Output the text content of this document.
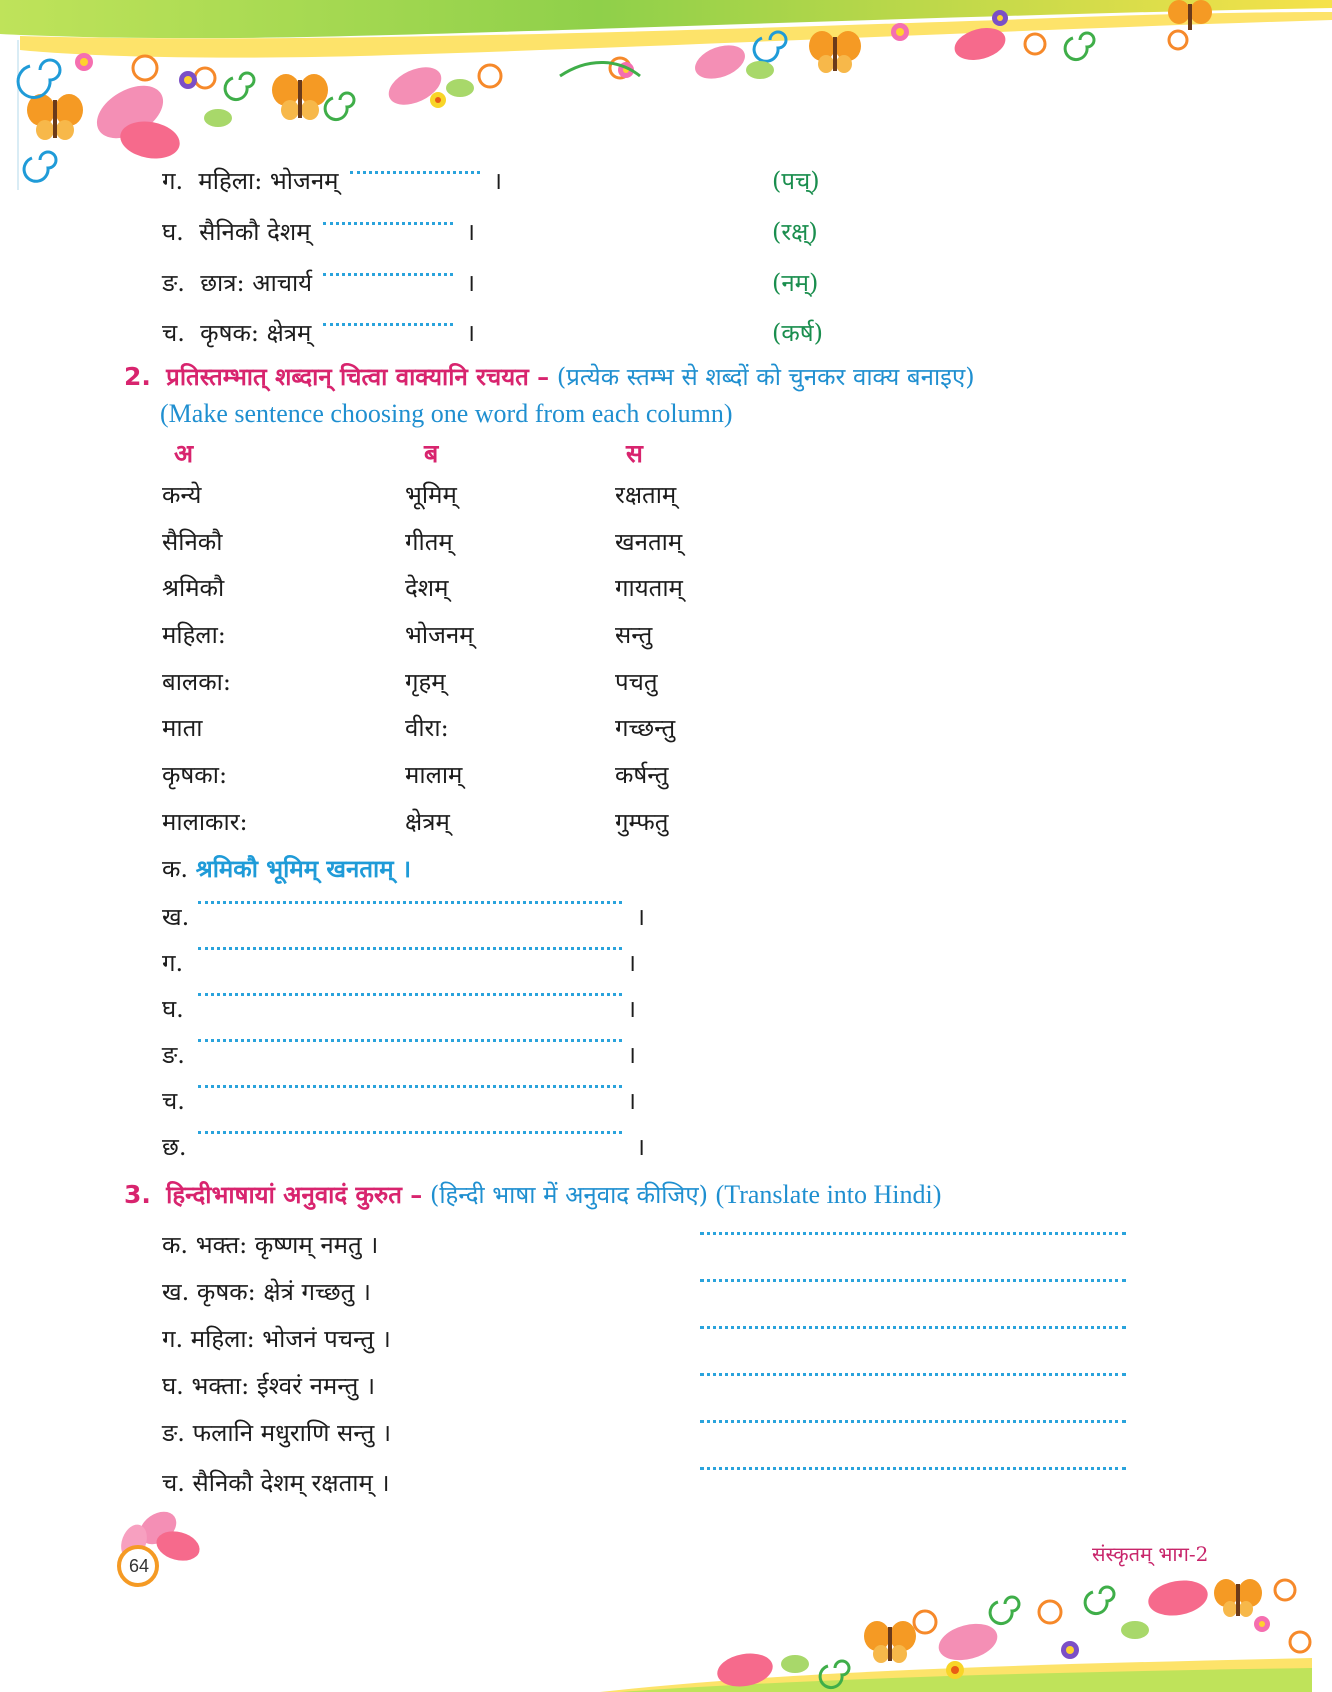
ग. महिला: भोजनम्	।	(पच्)
घ. सैनिकौ देशम्	।	(रक्ष्)
ङ. छात्र: आचार्य	।	(नम्)
च. कृषक: क्षेत्रम्	।	(कर्ष)
2. प्रतिस्तम्भात् शब्दान् चित्वा वाक्यानि रचयत – (प्रत्येक स्तम्भ से शब्दों को चुनकर वाक्य बनाइए)
(Make sentence choosing one word from each column)
अ	ब	स
कन्ये	भूमिम्	रक्षताम्
सैनिकौ	गीतम्	खनताम्
श्रमिकौ	देशम्	गायताम्
महिला:	भोजनम्	सन्तु
बालका:	गृहम्	पचतु
माता	वीरा:	गच्छन्तु
कृषका:	मालाम्	कर्षन्तु
मालाकार:	क्षेत्रम्	गुम्फतु
क. श्रमिकौ भूमिम् खनताम् ।
ख.	।
ग.	।
घ.	।
ङ.	।
च.	।
छ.	।
3. हिन्दीभाषायां अनुवादं कुरुत – (हिन्दी भाषा में अनुवाद कीजिए) (Translate into Hindi)
क. भक्त: कृष्णम् नमतु ।
ख. कृषक: क्षेत्रं गच्छतु ।
ग. महिला: भोजनं पचन्तु ।
घ. भक्ता: ईश्वरं नमन्तु ।
ङ. फलानि मधुराणि सन्तु ।
च. सैनिकौ देशम् रक्षताम् ।
64	संस्कृतम् भाग-2
